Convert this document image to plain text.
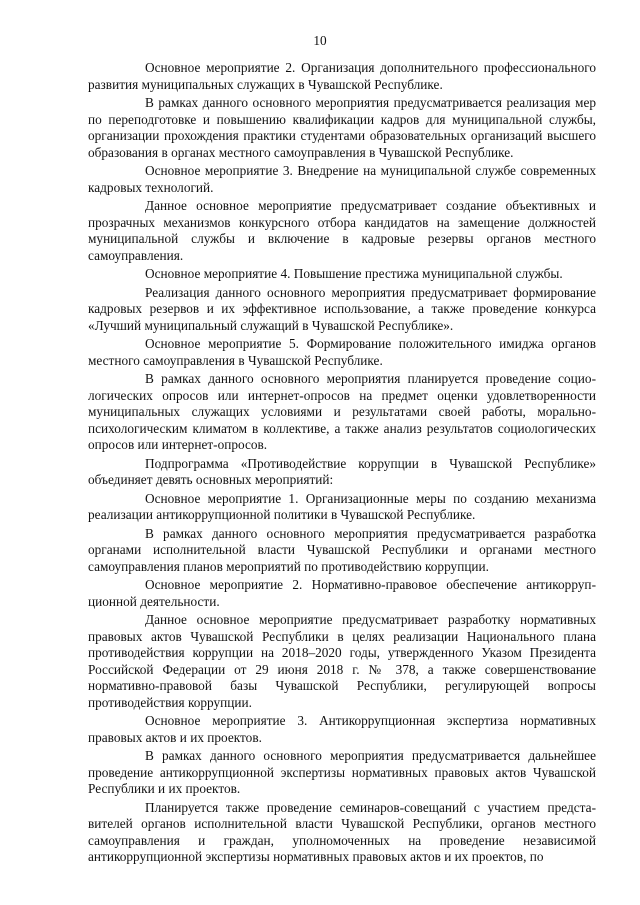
10

Основное мероприятие 2. Организация дополнительного профессионального развития муниципальных служащих в Чувашской Республике.

В рамках данного основного мероприятия предусматривается реализация мер по переподготовке и повышению квалификации кадров для муниципальной службы, организации прохождения практики студентами образовательных организаций высшего образования в органах местного самоуправления в Чувашской Республике.

Основное мероприятие 3. Внедрение на муниципальной службе современных кадровых технологий.

Данное основное мероприятие предусматривает создание объективных и прозрачных механизмов конкурсного отбора кандидатов на замещение должностей муниципальной службы и включение в кадровые резервы органов местного самоуправления.

Основное мероприятие 4. Повышение престижа муниципальной службы.

Реализация данного основного мероприятия предусматривает формирование кадровых резервов и их эффективное использование, а также проведение конкурса «Лучший муниципальный служащий в Чувашской Республике».

Основное мероприятие 5. Формирование положительного имиджа органов местного самоуправления в Чувашской Республике.

В рамках данного основного мероприятия планируется проведение социологических опросов или интернет-опросов на предмет оценки удовлетворенности муниципальных служащих условиями и результатами своей работы, морально-психологическим климатом в коллективе, а также анализ результатов социологических опросов или интернет-опросов.

Подпрограмма «Противодействие коррупции в Чувашской Республике» объединяет девять основных мероприятий:

Основное мероприятие 1. Организационные меры по созданию механизма реализации антикоррупционной политики в Чувашской Республике.

В рамках данного основного мероприятия предусматривается разработка органами исполнительной власти Чувашской Республики и органами местного самоуправления планов мероприятий по противодействию коррупции.

Основное мероприятие 2. Нормативно-правовое обеспечение антикоррупционной деятельности.

Данное основное мероприятие предусматривает разработку нормативных правовых актов Чувашской Республики в целях реализации Национального плана противодействия коррупции на 2018–2020 годы, утвержденного Указом Президента Российской Федерации от 29 июня 2018 г. № 378, а также совершенствование нормативно-правовой базы Чувашской Республики, регулирующей вопросы противодействия коррупции.

Основное мероприятие 3. Антикоррупционная экспертиза нормативных правовых актов и их проектов.

В рамках данного основного мероприятия предусматривается дальнейшее проведение антикоррупционной экспертизы нормативных правовых актов Чувашской Республики и их проектов.

Планируется также проведение семинаров-совещаний с участием представителей органов исполнительной власти Чувашской Республики, органов местного самоуправления и граждан, уполномоченных на проведение независимой антикоррупционной экспертизы нормативных правовых актов и их проектов, по
